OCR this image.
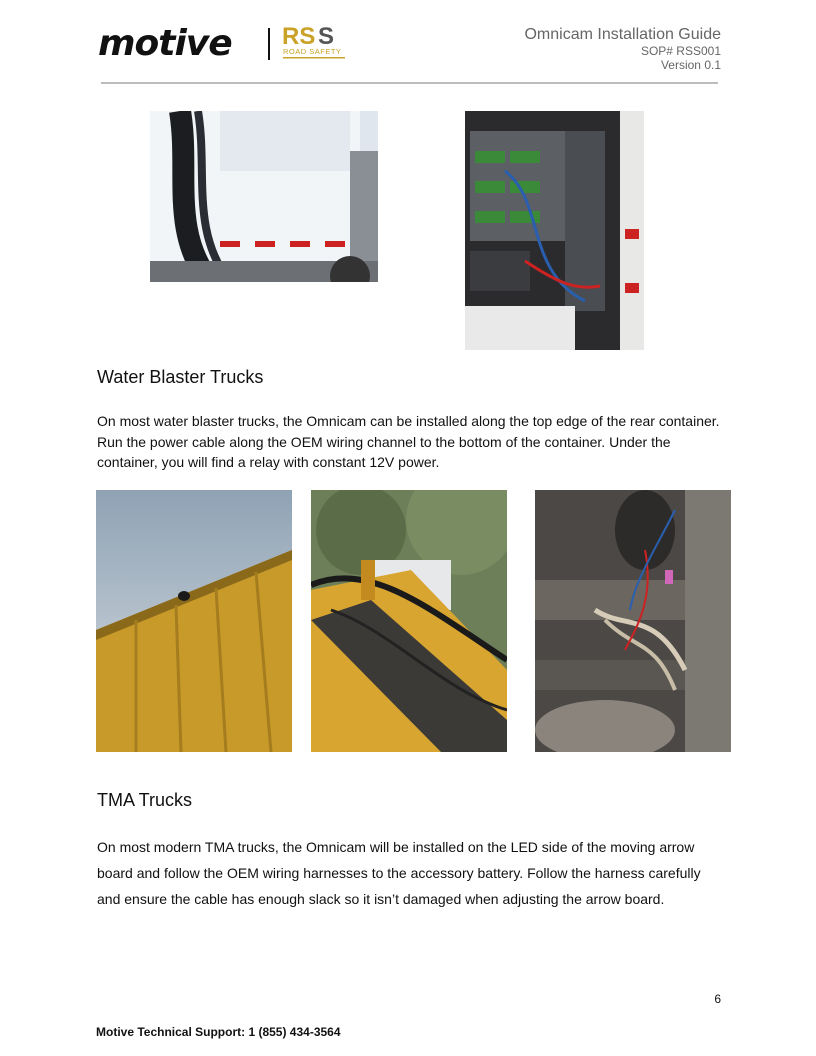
motive RS S
ROAD SAFETY
Omnicam Installation Guide
SOP# RSS001
Version 0.1
Water Blaster Trucks
On most water blaster trucks, the Omnicam can be installed along the top edge of the rear container. Run the power cable along the OEM wiring channel to the bottom of the container. Under the container, you will find a relay with constant 12V power.
TMA Trucks
On most modern TMA trucks, the Omnicam will be installed on the LED side of the moving arrow board and follow the OEM wiring harnesses to the accessory battery. Follow the harness carefully and ensure the cable has enough slack so it isn’t damaged when adjusting the arrow board.
6
Motive Technical Support: 1 (855) 434-3564
